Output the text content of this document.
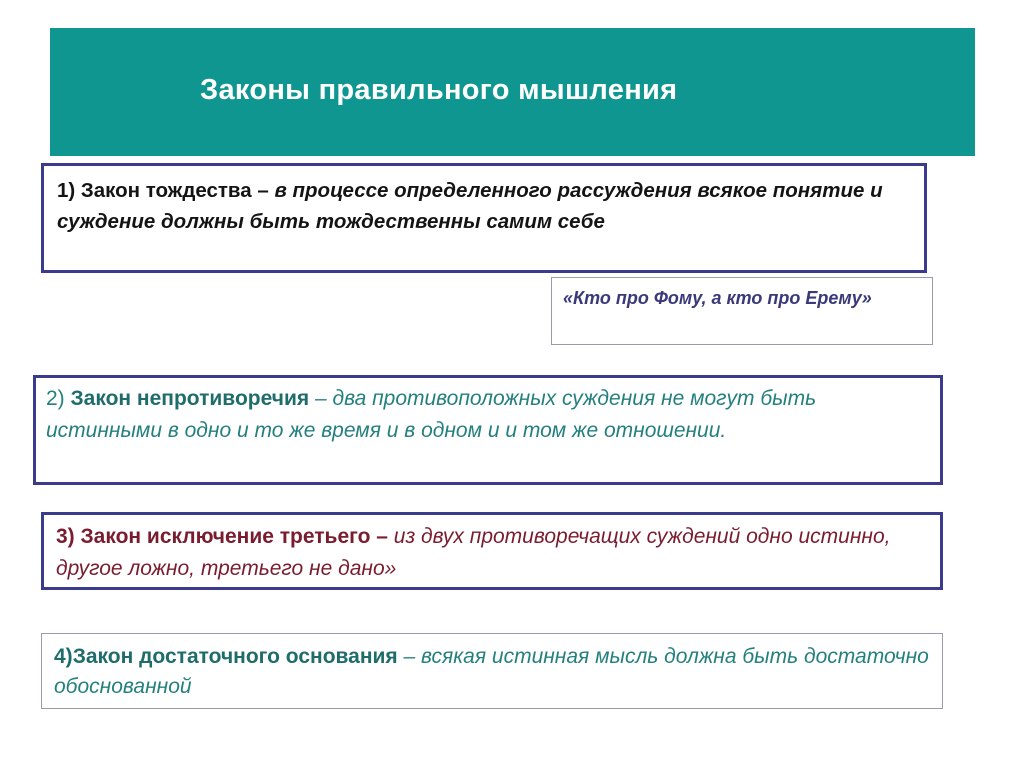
Законы правильного мышления
1) Закон тождества – в процессе определенного рассуждения всякое понятие и суждение должны быть тождественны самим себе
«Кто про Фому, а кто про Ерему»
2) Закон непротиворечия – два противоположных суждения не могут быть истинными в одно и то же время и в одном и и том же отношении.
3) Закон исключение третьего – из двух противоречащих суждений одно истинно, другое ложно, третьего не дано»
4)Закон достаточного основания – всякая истинная мысль должна быть достаточно обоснованной
